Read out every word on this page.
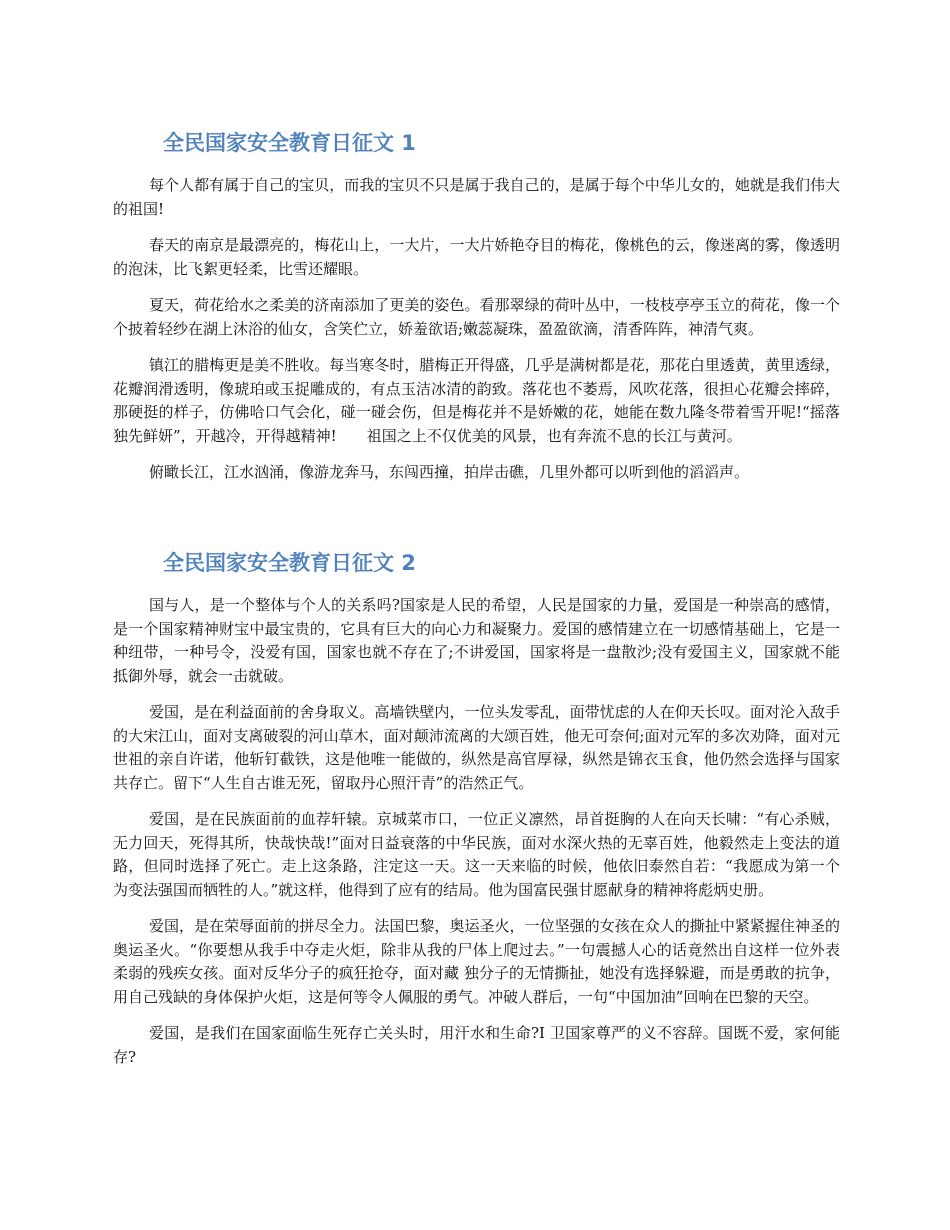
全民国家安全教育日征文 1

每个人都有属于自己的宝贝，而我的宝贝不只是属于我自己的，是属于每个中华儿女的，她就是我们伟大的祖国!

春天的南京是最漂亮的，梅花山上，一大片，一大片娇艳夺目的梅花，像桃色的云，像迷离的雾，像透明的泡沫，比飞絮更轻柔，比雪还耀眼。

夏天，荷花给水之柔美的济南添加了更美的姿色。看那翠绿的荷叶丛中，一枝枝亭亭玉立的荷花，像一个个披着轻纱在湖上沐浴的仙女，含笑伫立，娇羞欲语;嫩蕊凝珠，盈盈欲滴，清香阵阵，神清气爽。

镇江的腊梅更是美不胜收。每当寒冬时，腊梅正开得盛，几乎是满树都是花，那花白里透黄，黄里透绿，花瓣润滑透明，像琥珀或玉捉雕成的，有点玉洁冰清的韵致。落花也不萎焉，风吹花落，很担心花瓣会摔碎，那硬挺的样子，仿佛哈口气会化，碰一碰会伤，但是梅花并不是娇嫩的花，她能在数九隆冬带着雪开呢!“摇落独先鲜妍”，开越冷，开得越精神!　　祖国之上不仅优美的风景，也有奔流不息的长江与黄河。

俯瞰长江，江水汹涌，像游龙奔马，东闯西撞，拍岸击礁，几里外都可以听到他的滔滔声。

全民国家安全教育日征文 2

国与人，是一个整体与个人的关系吗?国家是人民的希望，人民是国家的力量，爱国是一种崇高的感情，是一个国家精神财宝中最宝贵的，它具有巨大的向心力和凝聚力。爱国的感情建立在一切感情基础上，它是一种纽带，一种号令，没爱有国，国家也就不存在了;不讲爱国，国家将是一盘散沙;没有爱国主义，国家就不能抵御外辱，就会一击就破。

爱国，是在利益面前的舍身取义。高墙铁壁内，一位头发零乱，面带忧虑的人在仰天长叹。面对沦入敌手的大宋江山，面对支离破裂的河山草木，面对颠沛流离的大颂百姓，他无可奈何;面对元军的多次劝降，面对元世祖的亲自许诺，他斩钉截铁，这是他唯一能做的，纵然是高官厚禄，纵然是锦衣玉食，他仍然会选择与国家共存亡。留下“人生自古谁无死，留取丹心照汗青”的浩然正气。

爱国，是在民族面前的血荐轩辕。京城菜市口，一位正义凛然，昂首挺胸的人在向天长啸：“有心杀贼，无力回天，死得其所，快哉快哉!”面对日益衰落的中华民族，面对水深火热的无辜百姓，他毅然走上变法的道路，但同时选择了死亡。走上这条路，注定这一天。这一天来临的时候，他依旧泰然自若：“我愿成为第一个为变法强国而牺牲的人。”就这样，他得到了应有的结局。他为国富民强甘愿献身的精神将彪炳史册。

爱国，是在荣辱面前的拼尽全力。法国巴黎，奥运圣火，一位坚强的女孩在众人的撕扯中紧紧握住神圣的奥运圣火。“你要想从我手中夺走火炬，除非从我的尸体上爬过去。”一句震撼人心的话竟然出自这样一位外表柔弱的残疾女孩。面对反华分子的疯狂抢夺，面对藏 独分子的无情撕扯，她没有选择躲避，而是勇敢的抗争，用自己残缺的身体保护火炬，这是何等令人佩服的勇气。冲破人群后，一句“中国加油”回响在巴黎的天空。

爱国，是我们在国家面临生死存亡关头时，用汗水和生命?I 卫国家尊严的义不容辞。国既不爱，家何能存?
